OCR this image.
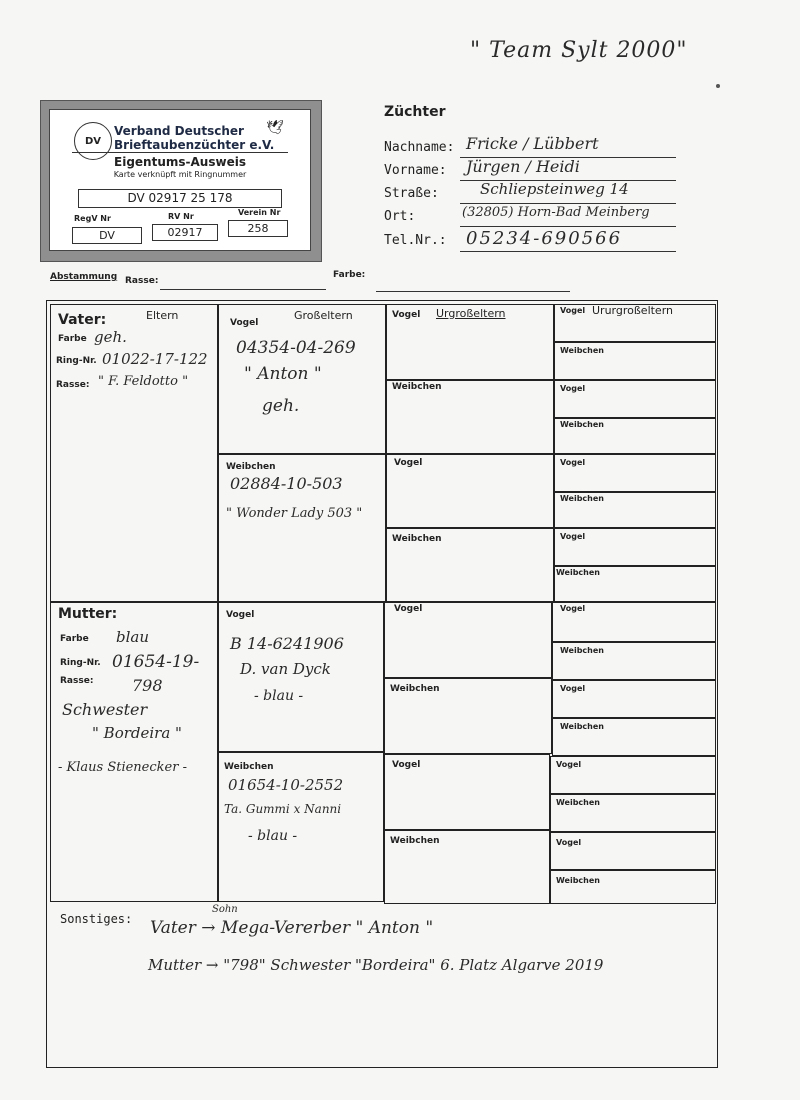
" Team Sylt 2000"
DV
Verband Deutscher
Brieftaubenzüchter e.V.
🕊
Eigentums-Ausweis
Karte verknüpft mit Ringnummer
DV 02917 25 178
RegV Nr	RV Nr	Verein Nr
DV	02917	258
Züchter
Nachname: Fricke / Lübbert
Vorname: Jürgen / Heidi
Straße:	Schliepsteinweg 14
Ort:	(32805) Horn-Bad Meinberg
Tel.Nr.: 05234-690566
Abstammung Rasse:
Farbe:
Vater:	Eltern	Großeltern	Urgroßeltern	Ururgroßeltern
Farbe geh.
Ring-Nr. 01022-17-122
Rasse: " F. Feldotto "
Vogel
04354-04-269
" Anton "
geh.
Weibchen
02884-10-503
" Wonder Lady 503 "
Mutter:
Farbe blau
Ring-Nr. 01654-19-
Rasse: 798
Schwester
" Bordeira "
- Klaus Stienecker -
Vogel
B 14-6241906
D. van Dyck
- blau -
Weibchen
01654-10-2552
Ta. Gummi x Nanni
- blau -
Vogel
Weibchen
Vogel
Weibchen
Vogel
Weibchen
Vogel
Weibchen
Vogel
Weibchen
Vogel
Weibchen
Vogel
Weibchen
Vogel
Weibchen
Vogel
Weibchen
Vogel
Weibchen
Vogel
Weibchen
Vogel
Weibchen
Sonstiges:
Sohn
Vater → Mega-Vererber " Anton "
Mutter → "798" Schwester "Bordeira" 6. Platz Algarve 2019
